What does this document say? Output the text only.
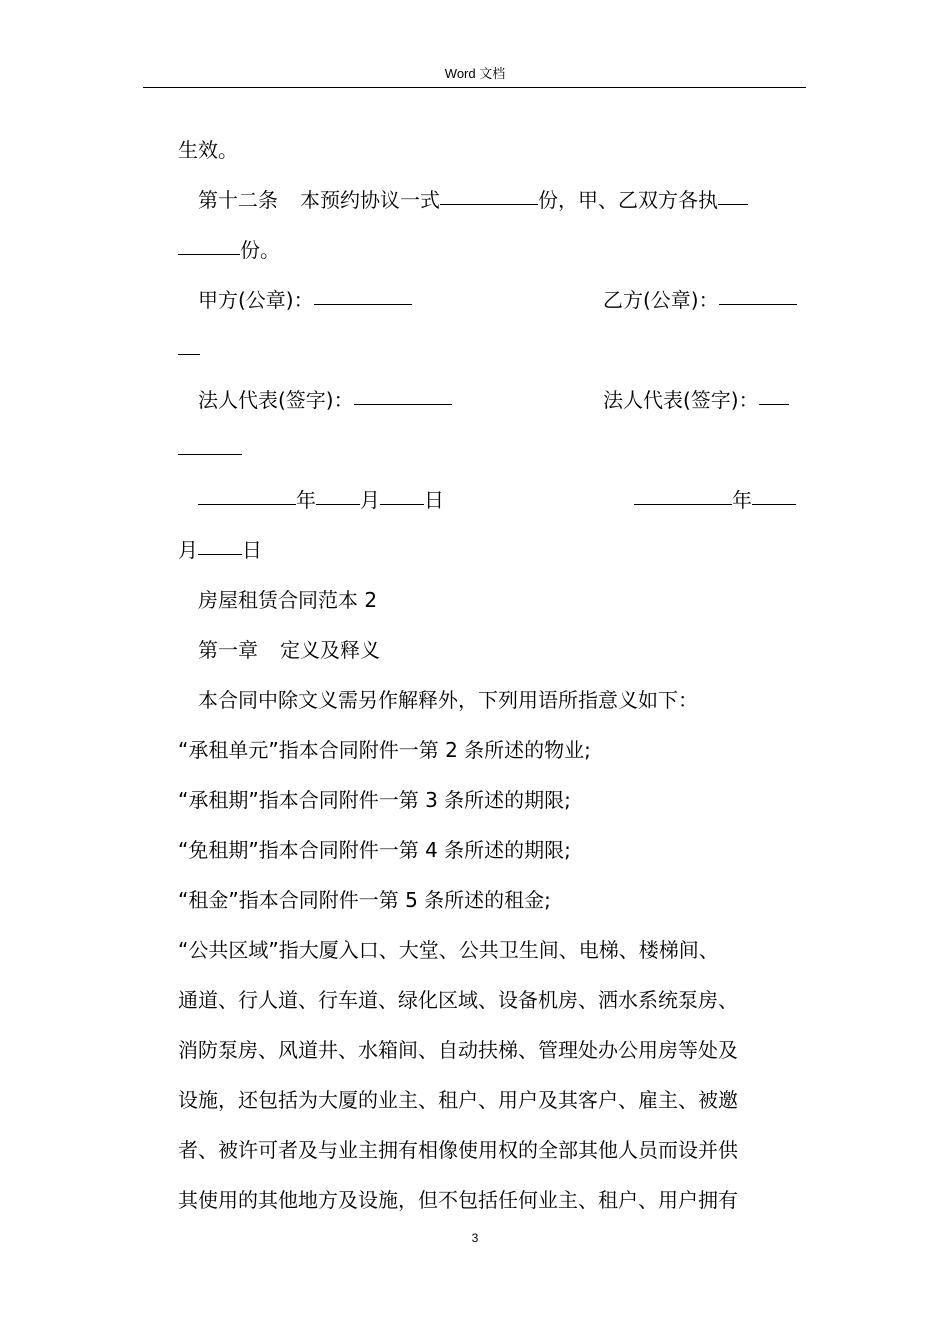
Word 文档
生效。
第十二条 本预约协议一式	份，甲、乙双方各执
份。
甲方(公章)：	乙方(公章)：
法人代表(签字)：	法人代表(签字)：
年 月 日	年
月 日
房屋租赁合同范本 2
第一章 定义及释义
本合同中除文义需另作解释外，下列用语所指意义如下：
“承租单元”指本合同附件一第 2 条所述的物业;
“承租期”指本合同附件一第 3 条所述的期限;
“免租期”指本合同附件一第 4 条所述的期限;
“租金”指本合同附件一第 5 条所述的租金;
“公共区域”指大厦入口、大堂、公共卫生间、电梯、楼梯间、
通道、行人道、行车道、绿化区域、设备机房、洒水系统泵房、
消防泵房、风道井、水箱间、自动扶梯、管理处办公用房等处及
设施，还包括为大厦的业主、租户、用户及其客户、雇主、被邀
者、被许可者及与业主拥有相像使用权的全部其他人员而设并供
其使用的其他地方及设施，但不包括任何业主、租户、用户拥有
3
